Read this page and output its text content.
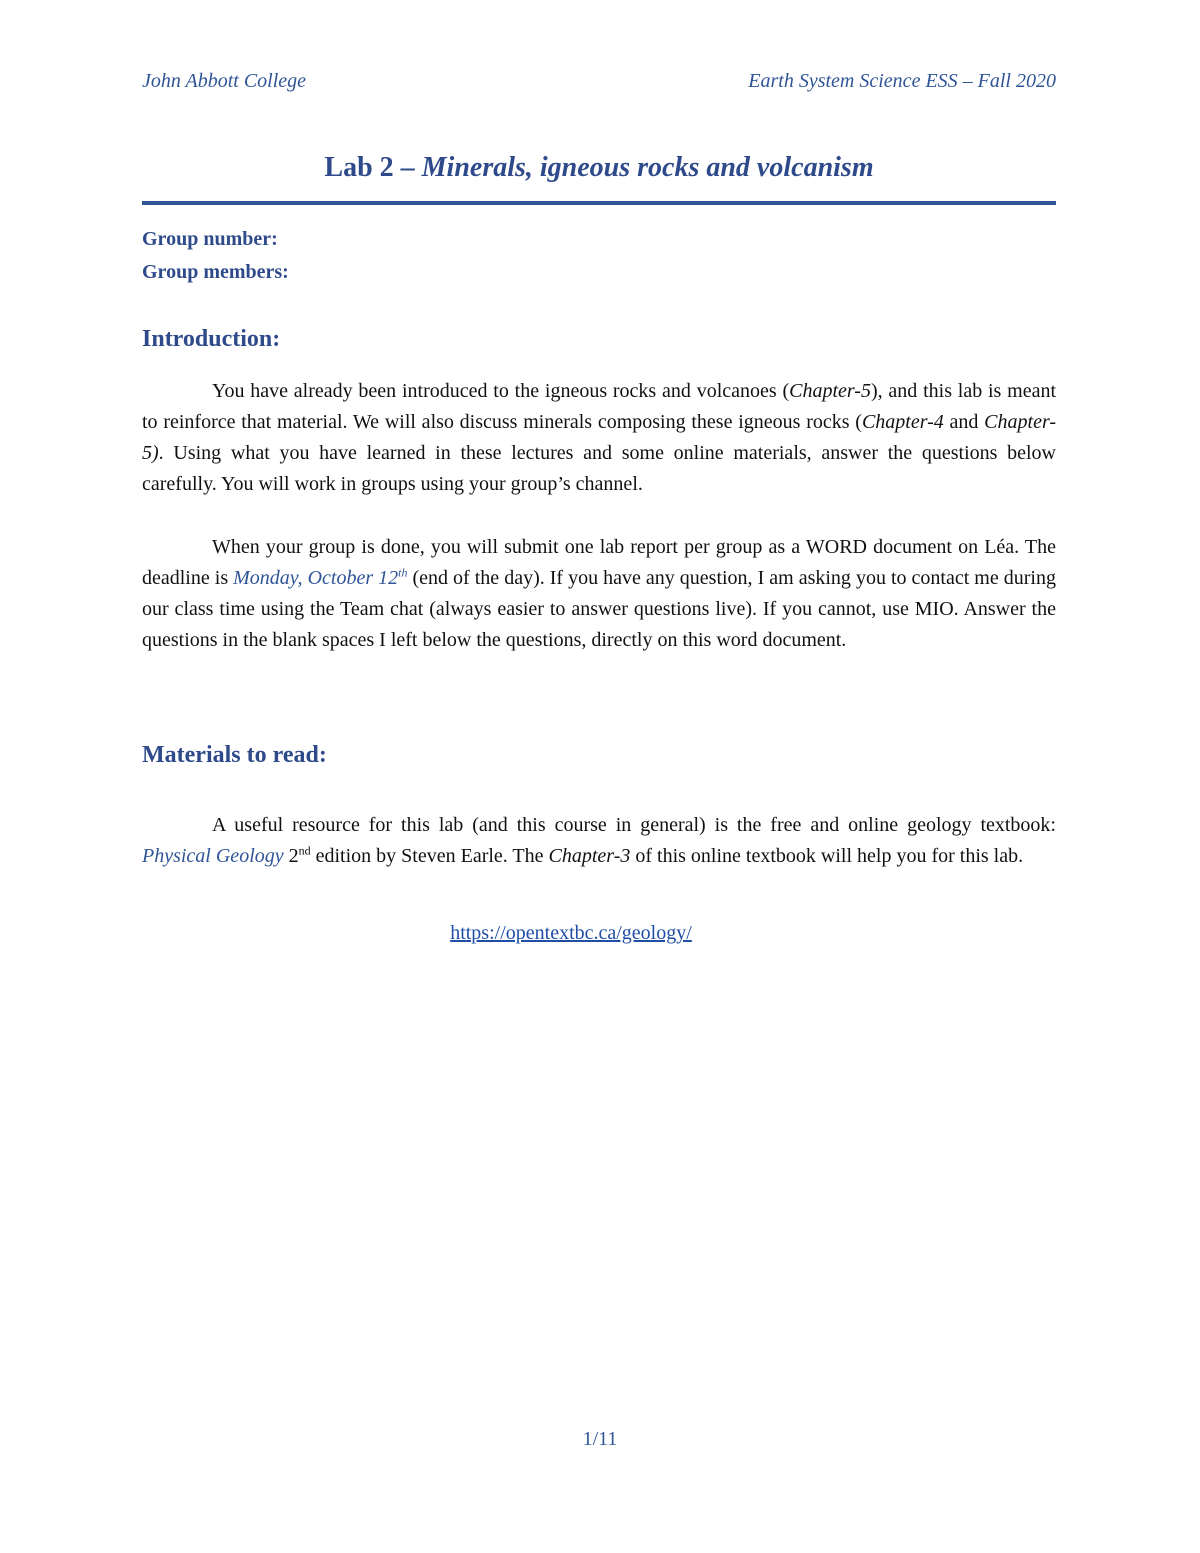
John Abbott College	Earth System Science ESS – Fall 2020
Lab 2 – Minerals, igneous rocks and volcanism
Group number:
Group members:
Introduction:
You have already been introduced to the igneous rocks and volcanoes (Chapter-5), and this lab is meant to reinforce that material. We will also discuss minerals composing these igneous rocks (Chapter-4 and Chapter-5). Using what you have learned in these lectures and some online materials, answer the questions below carefully. You will work in groups using your group’s channel.
When your group is done, you will submit one lab report per group as a WORD document on Léa. The deadline is Monday, October 12th (end of the day). If you have any question, I am asking you to contact me during our class time using the Team chat (always easier to answer questions live). If you cannot, use MIO. Answer the questions in the blank spaces I left below the questions, directly on this word document.
Materials to read:
A useful resource for this lab (and this course in general) is the free and online geology textbook: Physical Geology 2nd edition by Steven Earle. The Chapter-3 of this online textbook will help you for this lab.
https://opentextbc.ca/geology/
1/11
